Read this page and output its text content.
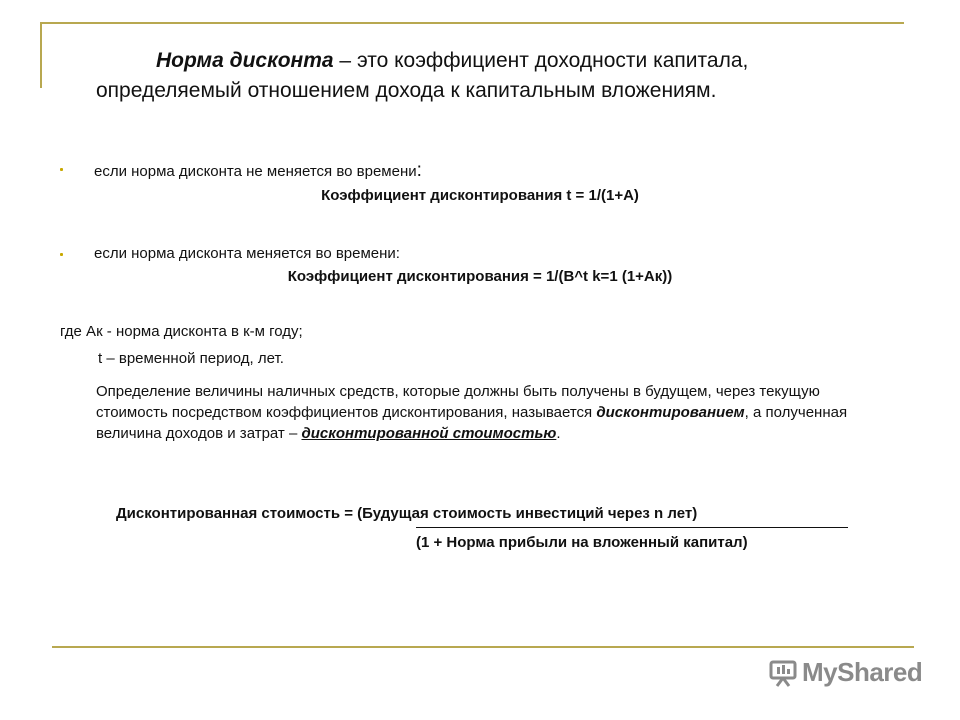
Норма дисконта – это коэффициент доходности капитала,
определяемый отношением дохода к капитальным вложениям.
если норма дисконта не меняется во времени:
Коэффициент дисконтирования t = 1/(1+А)
если норма дисконта меняется во времени:
Коэффициент дисконтирования = 1/(В^t k=1 (1+Ак))
где Ак - норма дисконта в к-м году;
t – временной период, лет.
Определение величины наличных средств, которые должны быть получены в будущем, через текущую стоимость посредством коэффициентов дисконтирования, называется дисконтированием, а полученная величина доходов и затрат – дисконтированной стоимостью.
Дисконтированная стоимость = (Будущая стоимость инвестиций через n лет)
(1 + Норма прибыли на вложенный капитал)
MyShared
